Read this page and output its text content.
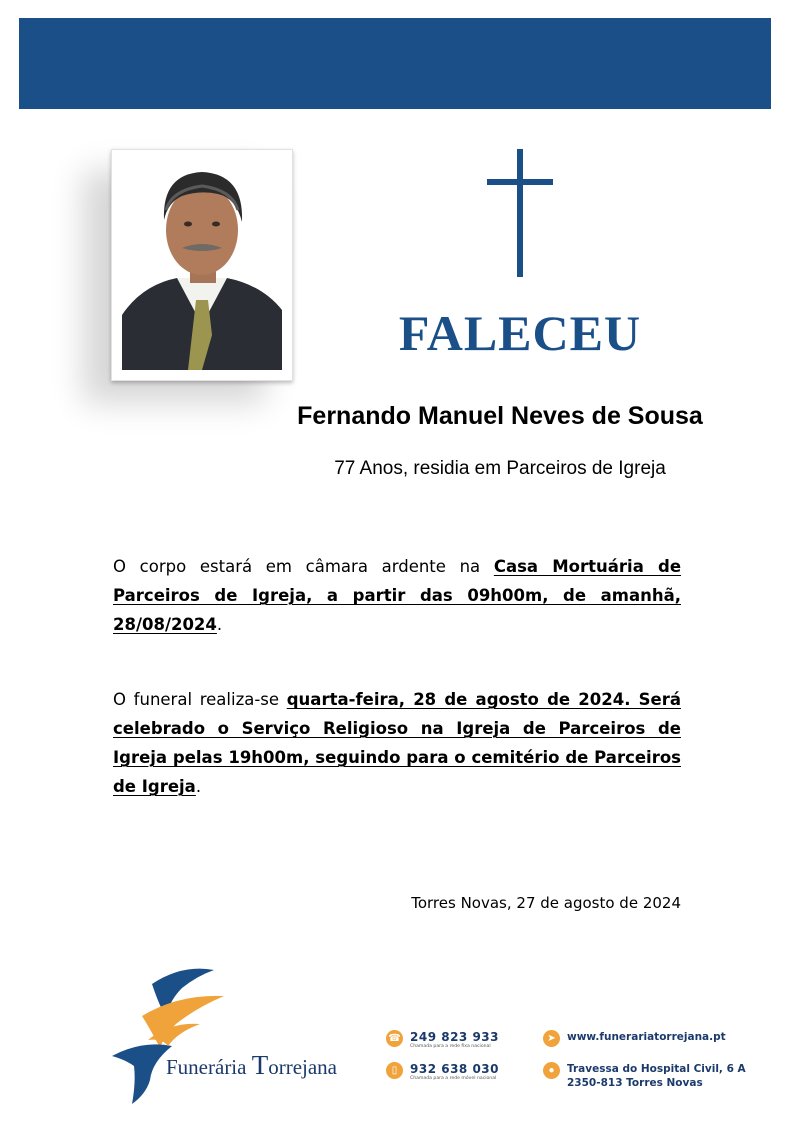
FALECEU
Fernando Manuel Neves de Sousa
77 Anos, residia em Parceiros de Igreja
O corpo estará em câmara ardente na Casa Mortuária de Parceiros de Igreja, a partir das 09h00m, de amanhã, 28/08/2024.
O funeral realiza-se quarta-feira, 28 de agosto de 2024. Será celebrado o Serviço Religioso na Igreja de Parceiros de Igreja pelas 19h00m, seguindo para o cemitério de Parceiros de Igreja.
Torres Novas, 27 de agosto de 2024
Funerária Torrejana
☎ 249 823 933
Chamada para a rede fixa nacional
▯	932 638 030
Chamada para a rede móvel nacional
➤	www.funerariatorrejana.pt
●	Travessa do Hospital Civil, 6 A
2350-813 Torres Novas
